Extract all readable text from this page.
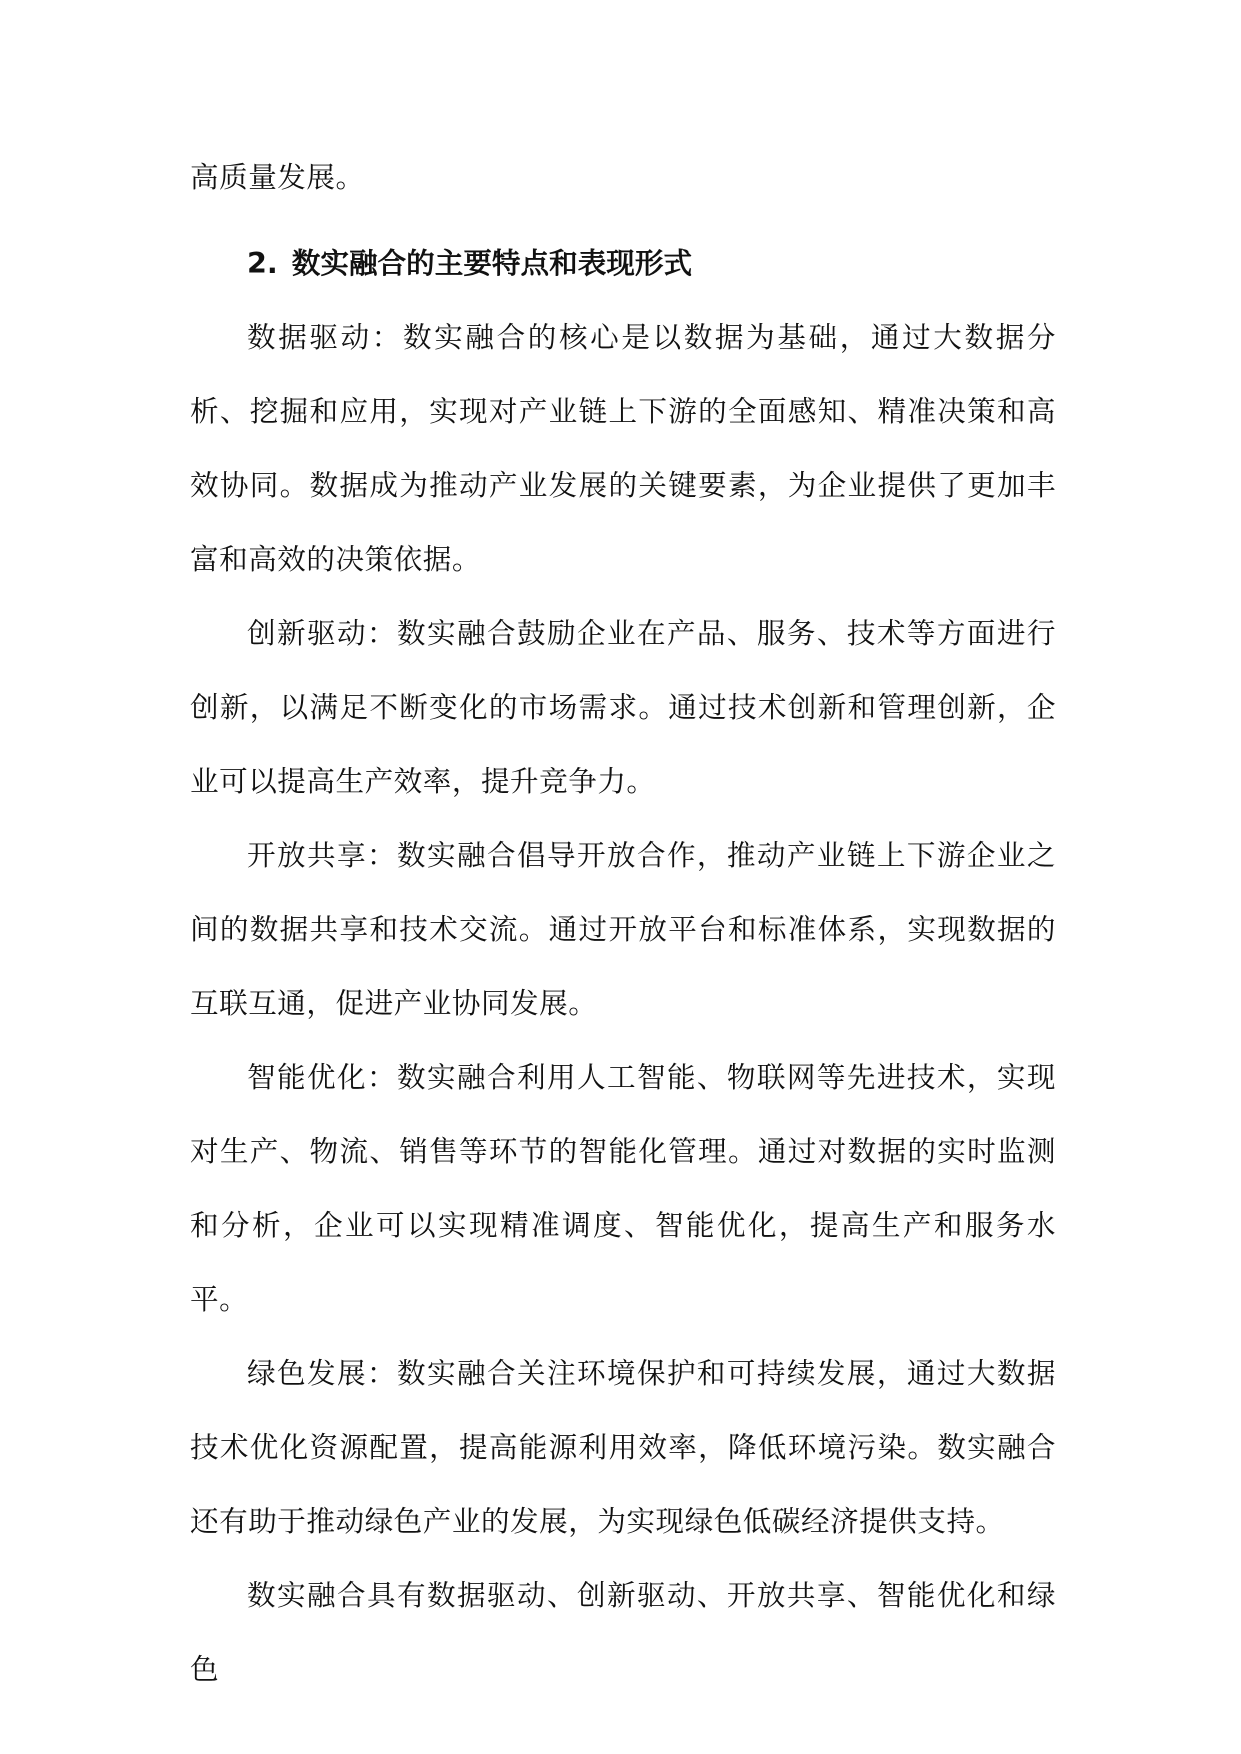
高质量发展。

2. 数实融合的主要特点和表现形式

数据驱动：数实融合的核心是以数据为基础，通过大数据分析、挖掘和应用，实现对产业链上下游的全面感知、精准决策和高效协同。数据成为推动产业发展的关键要素，为企业提供了更加丰富和高效的决策依据。

创新驱动：数实融合鼓励企业在产品、服务、技术等方面进行创新，以满足不断变化的市场需求。通过技术创新和管理创新，企业可以提高生产效率，提升竞争力。

开放共享：数实融合倡导开放合作，推动产业链上下游企业之间的数据共享和技术交流。通过开放平台和标准体系，实现数据的互联互通，促进产业协同发展。

智能优化：数实融合利用人工智能、物联网等先进技术，实现对生产、物流、销售等环节的智能化管理。通过对数据的实时监测和分析，企业可以实现精准调度、智能优化，提高生产和服务水平。

绿色发展：数实融合关注环境保护和可持续发展，通过大数据技术优化资源配置，提高能源利用效率，降低环境污染。数实融合还有助于推动绿色产业的发展，为实现绿色低碳经济提供支持。

数实融合具有数据驱动、创新驱动、开放共享、智能优化和绿色
